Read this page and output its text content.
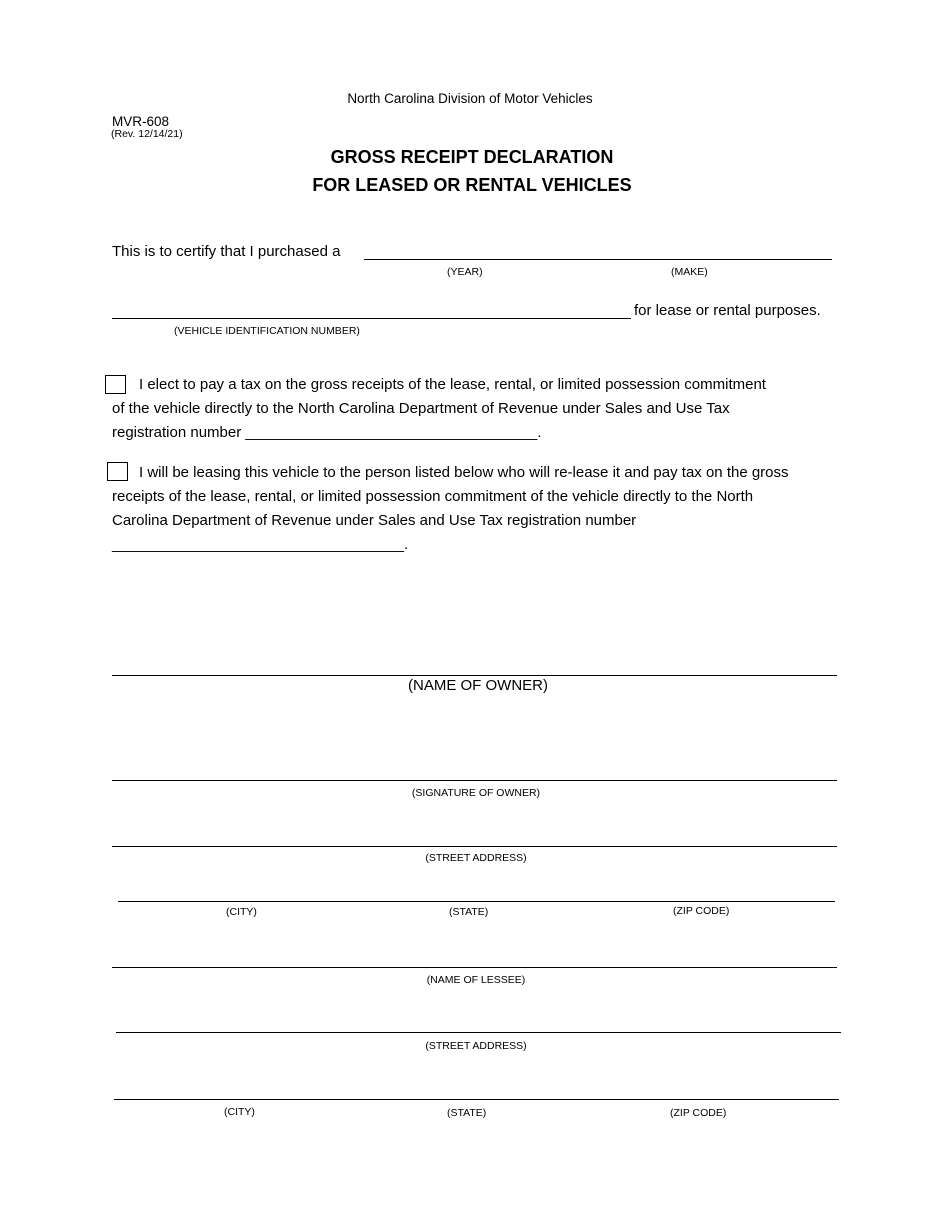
North Carolina Division of Motor Vehicles
MVR-608
(Rev. 12/14/21)
GROSS RECEIPT DECLARATION
FOR LEASED OR RENTAL VEHICLES
This is to certify that I purchased a
(YEAR)	(MAKE)
for lease or rental purposes.
(VEHICLE IDENTIFICATION NUMBER)
I elect to pay a tax on the gross receipts of the lease, rental, or limited possession commitment
of the vehicle directly to the North Carolina Department of Revenue under Sales and Use Tax
registration number ___________________________________.
I will be leasing this vehicle to the person listed below who will re-lease it and pay tax on the gross
receipts of the lease, rental, or limited possession commitment of the vehicle directly to the North
Carolina Department of Revenue under Sales and Use Tax registration number
___________________________________.
(NAME OF OWNER)
(SIGNATURE OF OWNER)
(STREET ADDRESS)
(CITY)	(STATE)	(ZIP CODE)
(NAME OF LESSEE)
(STREET ADDRESS)
(CITY)	(STATE)	(ZIP CODE)
